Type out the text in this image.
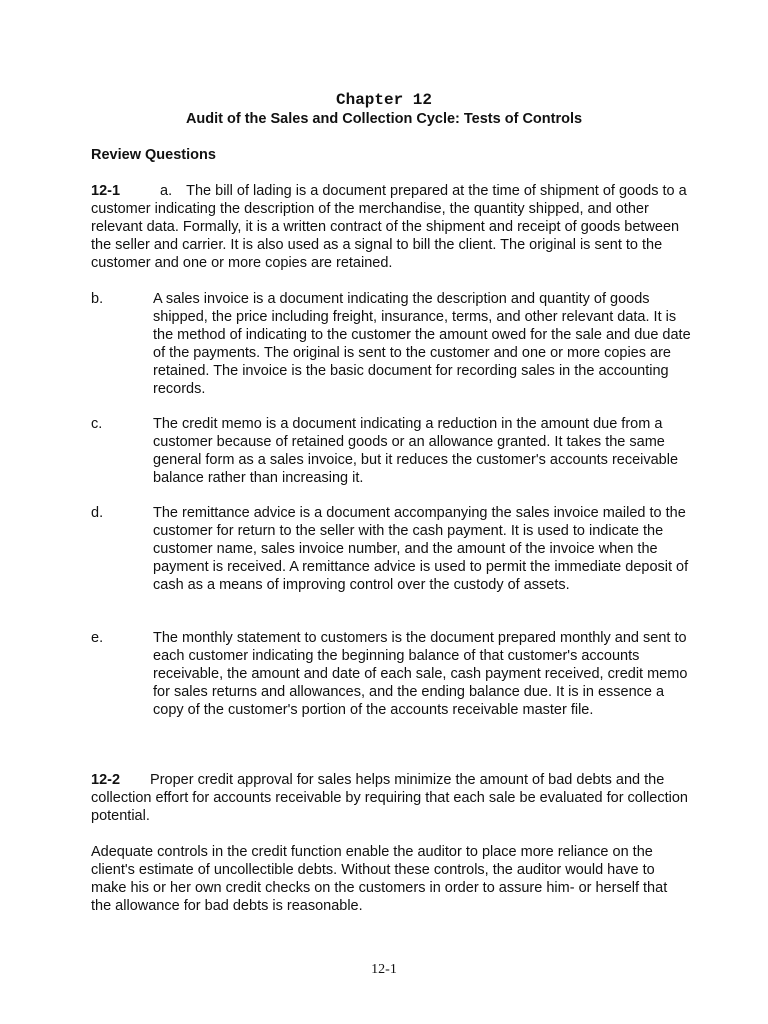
Chapter 12
Audit of the Sales and Collection Cycle: Tests of Controls
Review Questions
12-1	a. The bill of lading is a document prepared at the time of shipment of goods to a customer indicating the description of the merchandise, the quantity shipped, and other relevant data. Formally, it is a written contract of the shipment and receipt of goods between the seller and carrier. It is also used as a signal to bill the client. The original is sent to the customer and one or more copies are retained.
b.	A sales invoice is a document indicating the description and quantity of goods shipped, the price including freight, insurance, terms, and other relevant data. It is the method of indicating to the customer the amount owed for the sale and due date of the payments. The original is sent to the customer and one or more copies are retained. The invoice is the basic document for recording sales in the accounting records.
c.	The credit memo is a document indicating a reduction in the amount due from a customer because of retained goods or an allowance granted. It takes the same general form as a sales invoice, but it reduces the customer's accounts receivable balance rather than increasing it.
d.	The remittance advice is a document accompanying the sales invoice mailed to the customer for return to the seller with the cash payment. It is used to indicate the customer name, sales invoice number, and the amount of the invoice when the payment is received. A remittance advice is used to permit the immediate deposit of cash as a means of improving control over the custody of assets.
e.	The monthly statement to customers is the document prepared monthly and sent to each customer indicating the beginning balance of that customer's accounts receivable, the amount and date of each sale, cash payment received, credit memo for sales returns and allowances, and the ending balance due. It is in essence a copy of the customer's portion of the accounts receivable master file.
12-2 Proper credit approval for sales helps minimize the amount of bad debts and the collection effort for accounts receivable by requiring that each sale be evaluated for collection potential.
Adequate controls in the credit function enable the auditor to place more reliance on the client's estimate of uncollectible debts. Without these controls, the auditor would have to make his or her own credit checks on the customers in order to assure him- or herself that the allowance for bad debts is reasonable.
12-1
